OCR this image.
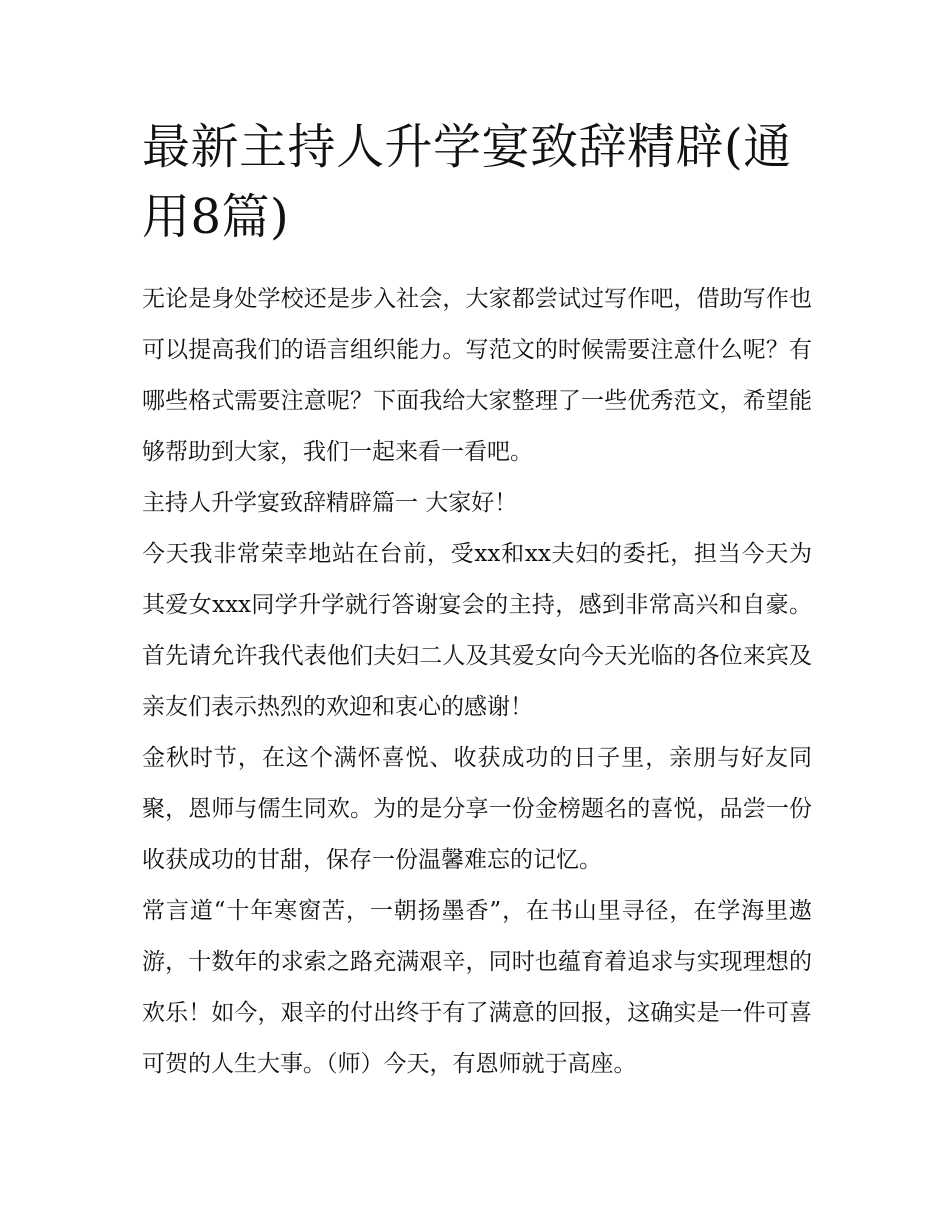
最新主持人升学宴致辞精辟(通用8篇)

无论是身处学校还是步入社会，大家都尝试过写作吧，借助写作也可以提高我们的语言组织能力。写范文的时候需要注意什么呢？有哪些格式需要注意呢？下面我给大家整理了一些优秀范文，希望能够帮助到大家，我们一起来看一看吧。

主持人升学宴致辞精辟篇一 大家好！

今天我非常荣幸地站在台前，受xx和xx夫妇的委托，担当今天为其爱女xxx同学升学就行答谢宴会的主持，感到非常高兴和自豪。首先请允许我代表他们夫妇二人及其爱女向今天光临的各位来宾及亲友们表示热烈的欢迎和衷心的感谢！

金秋时节，在这个满怀喜悦、收获成功的日子里，亲朋与好友同聚，恩师与儒生同欢。为的是分享一份金榜题名的喜悦，品尝一份收获成功的甘甜，保存一份温馨难忘的记忆。

常言道“十年寒窗苦，一朝扬墨香”，在书山里寻径，在学海里遨游，十数年的求索之路充满艰辛，同时也蕴育着追求与实现理想的欢乐！如今，艰辛的付出终于有了满意的回报，这确实是一件可喜可贺的人生大事。（师）今天，有恩师就于高座。
